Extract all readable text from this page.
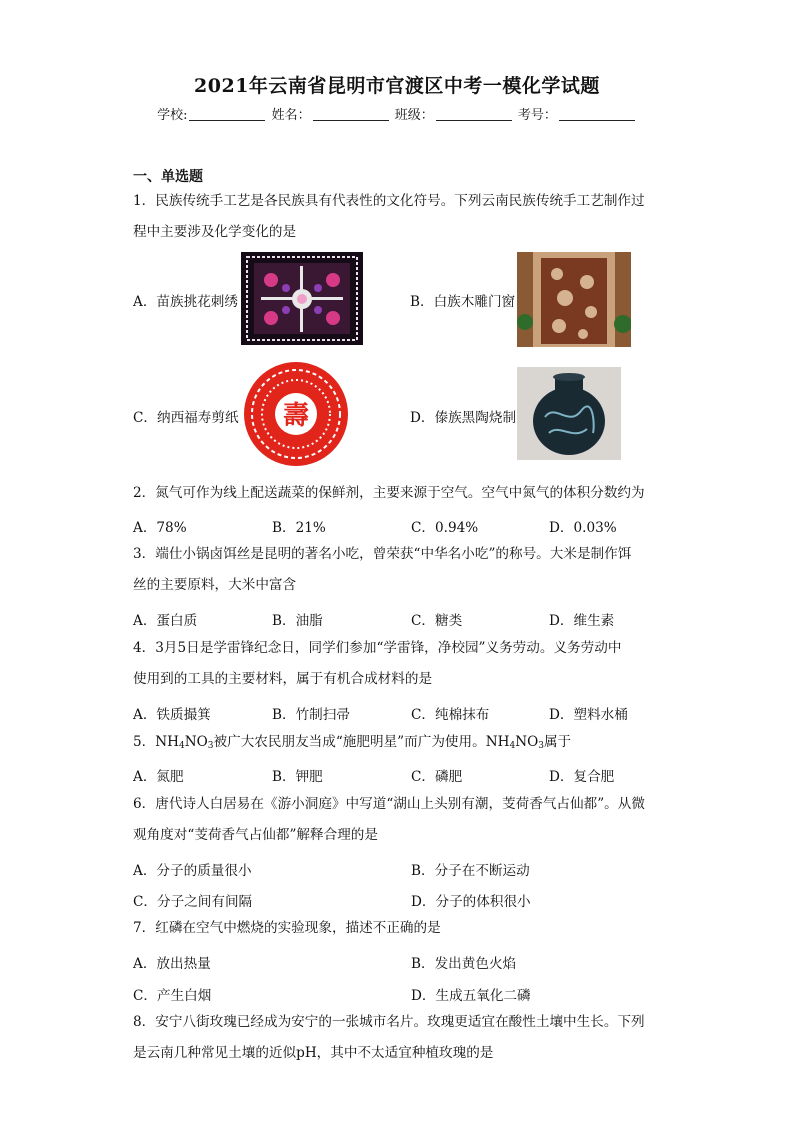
2021年云南省昆明市官渡区中考一模化学试题
学校:	姓名：	班级：	考号：
一、单选题
1．民族传统手工艺是各民族具有代表性的文化符号。下列云南民族传统手工艺制作过
程中主要涉及化学变化的是
A．苗族挑花刺绣	B．白族木雕门窗
C．纳西福寿剪纸 壽	D．傣族黑陶烧制
2．氮气可作为线上配送蔬菜的保鲜剂，主要来源于空气。空气中氮气的体积分数约为
A．78%	B．21%	C．0.94%	D．0.03%
3．端仕小锅卤饵丝是昆明的著名小吃，曾荣获“中华名小吃”的称号。大米是制作饵
丝的主要原料，大米中富含
A．蛋白质	B．油脂	C．糖类	D．维生素
4．3月5日是学雷锋纪念日，同学们参加“学雷锋，净校园”义务劳动。义务劳动中
使用到的工具的主要材料，属于有机合成材料的是
A．铁质撮箕	B．竹制扫帚	C．纯棉抹布	D．塑料水桶
5．$NH_4NO_3$被广大农民朋友当成“施肥明星”而广为使用。$NH_4NO_3$属于
A．氮肥	B．钾肥	C．磷肥	D．复合肥
6．唐代诗人白居易在《游小洞庭》中写道“湖山上头别有潮，芰荷香气占仙都”。从微
观角度对“芰荷香气占仙都”解释合理的是
A．分子的质量很小	B．分子在不断运动
C．分子之间有间隔	D．分子的体积很小
7．红磷在空气中燃烧的实验现象，描述不正确的是
A．放出热量	B．发出黄色火焰
C．产生白烟	D．生成五氧化二磷
8．安宁八街玫瑰已经成为安宁的一张城市名片。玫瑰更适宜在酸性土壤中生长。下列
是云南几种常见土壤的近似pH，其中不太适宜种植玫瑰的是
